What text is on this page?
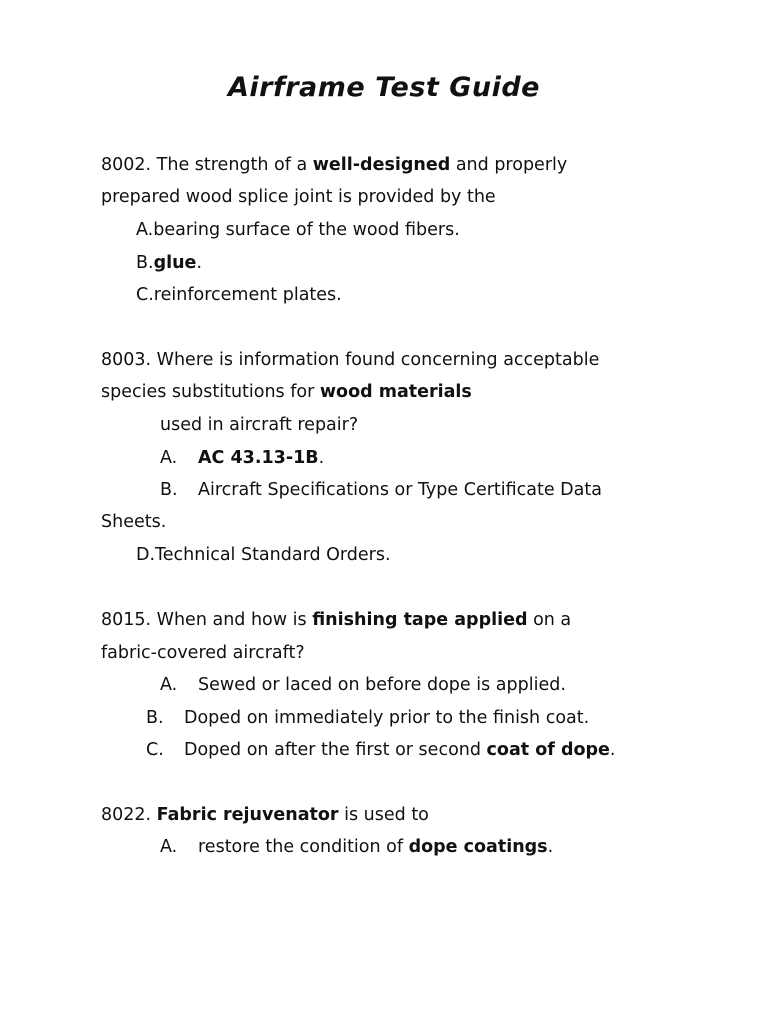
Airframe Test Guide
8002. The strength of a well-designed and properly
prepared wood splice joint is provided by the
A.bearing surface of the wood fibers.
B.glue.
C.reinforcement plates.
8003. Where is information found concerning acceptable
species substitutions for wood materials
used in aircraft repair?
A. AC 43.13-1B.
B. Aircraft Specifications or Type Certificate Data
Sheets.
D.Technical Standard Orders.
8015. When and how is finishing tape applied on a
fabric-covered aircraft?
A. Sewed or laced on before dope is applied.
B. Doped on immediately prior to the finish coat.
C. Doped on after the first or second coat of dope.
8022. Fabric rejuvenator is used to
A. restore the condition of dope coatings.
